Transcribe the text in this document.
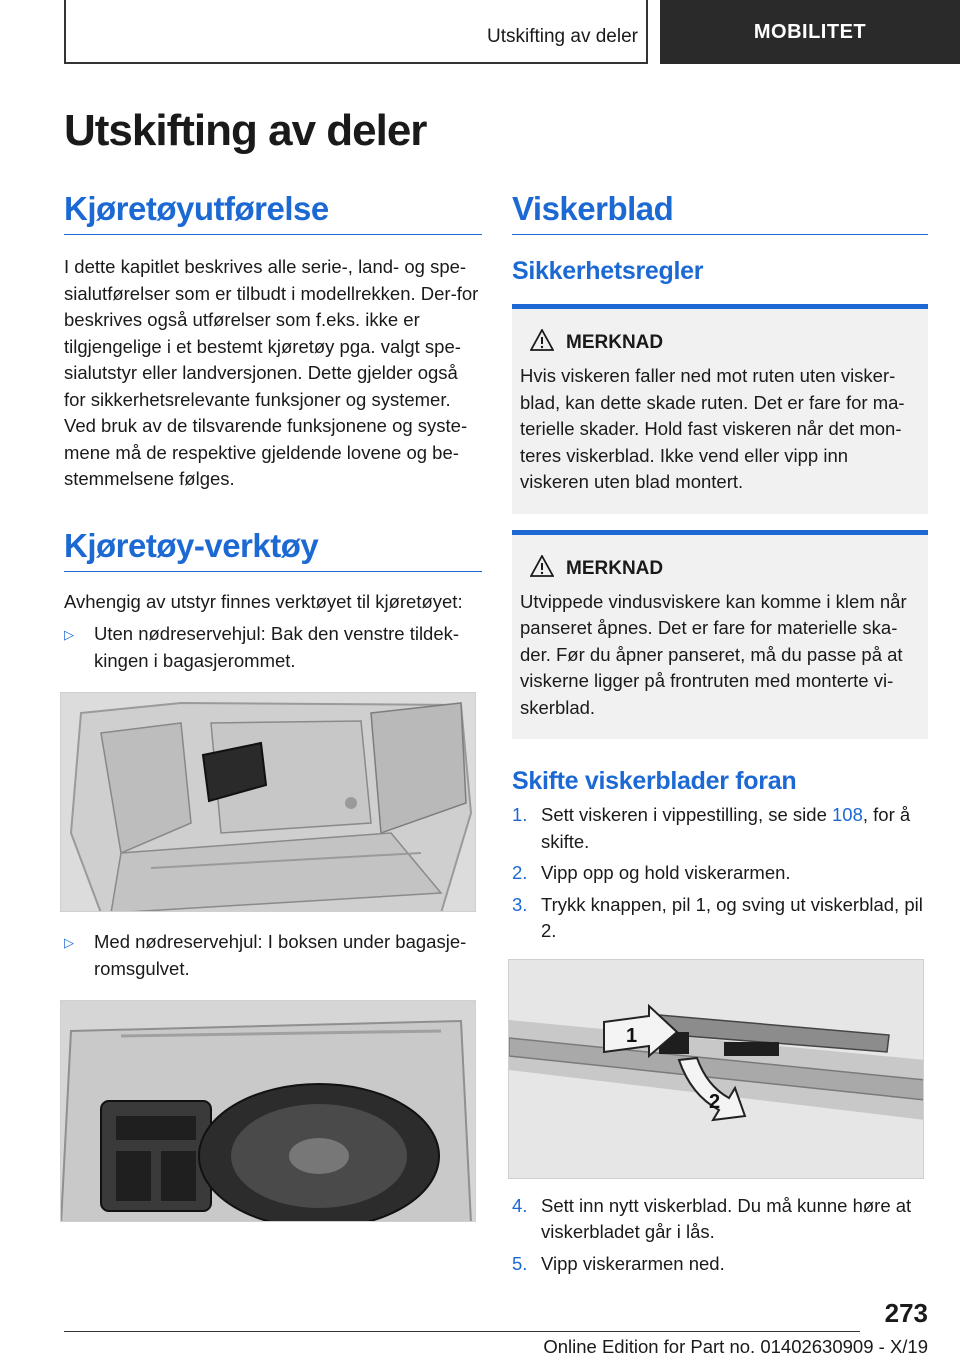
Utskifting av deler	MOBILITET
Utskifting av deler
Kjøretøyutførelse

I dette kapitlet beskrives alle serie-, land- og spe-sialutførelser som er tilbudt i modellrekken. Der-for beskrives også utførelser som f.eks. ikke er tilgjengelige i et bestemt kjøretøy pga. valgt spe-sialutstyr eller landversjonen. Dette gjelder også for sikkerhetsrelevante funksjoner og systemer. Ved bruk av de tilsvarende funksjonene og syste-mene må de respektive gjeldende lovene og be-stemmelsene følges.

Kjøretøy-verktøy

Avhengig av utstyr finnes verktøyet til kjøretøyet:

▷	Uten nødreservehjul: Bak den venstre tildek-kingen i bagasjerommet.
▷	Med nødreservehjul: I boksen under bagasje-romsgulvet.
Viskerblad
Sikkerhetsregler
MERKNAD
Hvis viskeren faller ned mot ruten uten visker-blad, kan dette skade ruten. Det er fare for ma-terielle skader. Hold fast viskeren når det mon-teres viskerblad. Ikke vend eller vipp inn viskeren uten blad montert.
MERKNAD
Utvippede vindusviskere kan komme i klem når panseret åpnes. Det er fare for materielle ska-der. Før du åpner panseret, må du passe på at viskerne ligger på frontruten med monterte vi-skerblad.
Skifte viskerblader foran
1. Sett viskeren i vippestilling, se side 108, for å skifte.
2. Vipp opp og hold viskerarmen.
3. Trykk knappen, pil 1, og sving ut viskerblad, pil 2.
1
2
4. Sett inn nytt viskerblad. Du må kunne høre at viskerbladet går i lås.
5. Vipp viskerarmen ned.
273
Online Edition for Part no. 01402630909 - X/19
